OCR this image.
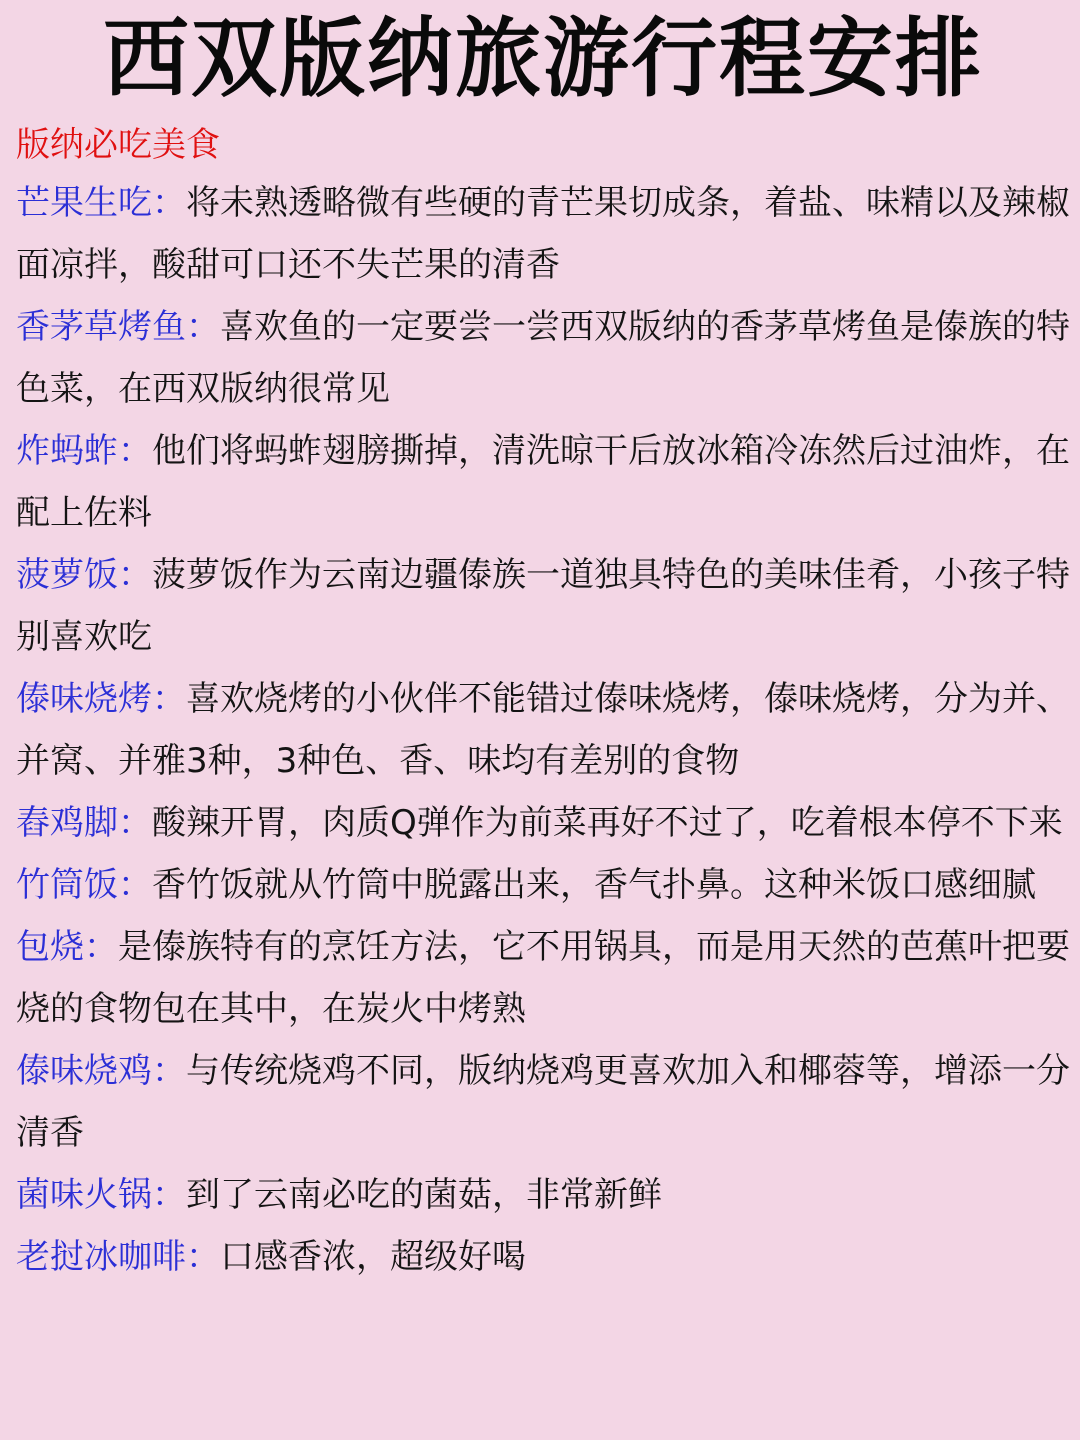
西双版纳旅游行程安排
版纳必吃美食
芒果生吃：将未熟透略微有些硬的青芒果切成条，着盐、味精以及辣椒面凉拌，酸甜可口还不失芒果的清香
香茅草烤鱼：喜欢鱼的一定要尝一尝西双版纳的香茅草烤鱼是傣族的特色菜，在西双版纳很常见
炸蚂蚱：他们将蚂蚱翅膀撕掉，清洗晾干后放冰箱冷冻然后过油炸，在配上佐料
菠萝饭：菠萝饭作为云南边疆傣族一道独具特色的美味佳肴，小孩子特别喜欢吃
傣味烧烤：喜欢烧烤的小伙伴不能错过傣味烧烤，傣味烧烤，分为并、并窝、并雅3种，3种色、香、味均有差别的食物
舂鸡脚：酸辣开胃，肉质Q弹作为前菜再好不过了，吃着根本停不下来
竹筒饭：香竹饭就从竹筒中脱露出来，香气扑鼻。这种米饭口感细腻
包烧：是傣族特有的烹饪方法，它不用锅具，而是用天然的芭蕉叶把要烧的食物包在其中，在炭火中烤熟
傣味烧鸡：与传统烧鸡不同，版纳烧鸡更喜欢加入和椰蓉等，增添一分清香
菌味火锅：到了云南必吃的菌菇，非常新鲜
老挝冰咖啡：口感香浓，超级好喝
